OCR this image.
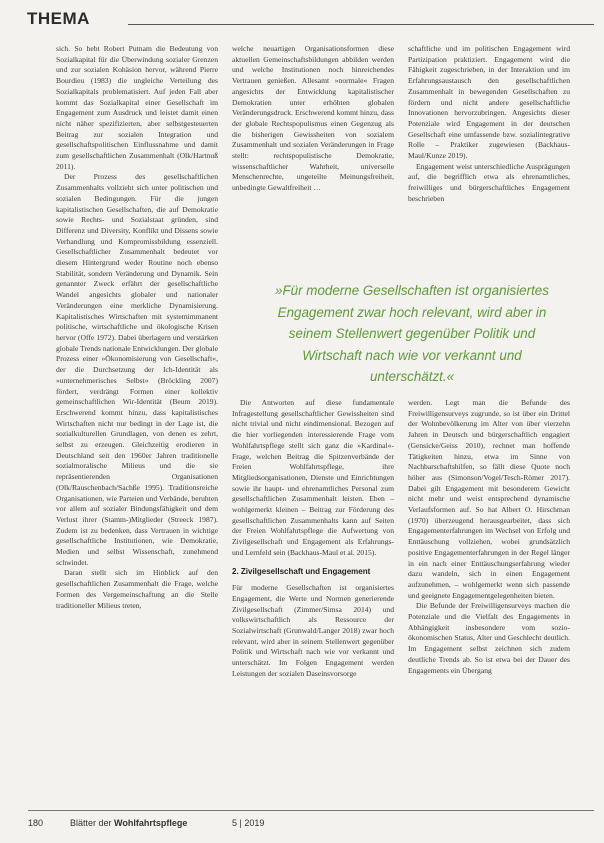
THEMA

sich. So hebt Robert Putnam die Bedeutung von Sozialkapital für die Überwindung sozialer Grenzen und zur sozialen Kohäsion hervor, während Pierre Bourdieu (1983) die ungleiche Verteilung des Sozialkapitals problematisiert. Auf jeden Fall aber kommt das Sozialkapital einer Gesellschaft im Engagement zum Ausdruck und leistet damit einen nicht näher spezifizierten, aber selbstgesteuerten Beitrag zur sozialen Integration und gesellschaftspolitischen Einflussnahme und damit zum gesellschaftlichen Zusammenhalt (Olk/Hartnuß 2011).

Der Prozess des gesellschaftlichen Zusammenhalts vollzieht sich unter politischen und sozialen Bedingungen. Für die jungen kapitalistischen Gesellschaften, die auf Demokratie sowie Rechts- und Sozialstaat gründen, sind Differenz und Diversity, Konflikt und Dissens sowie Verhandlung und Kompromissbildung essenziell. Gesellschaftlicher Zusammenhalt bedeutet vor diesem Hintergrund weder Routine noch ebenso Stabilität, sondern Veränderung und Dynamik. Sein genannter Zweck erfährt der gesellschaftliche Wandel angesichts globaler und nationaler Veränderungen eine merkliche Dynamisierung. Kapitalistisches Wirtschaften mit systemimmanent politische, wirtschaftliche und ökologische Krisen hervor (Offe 1972). Dabei überlagern und verstärken globale Trends nationale Entwicklungen. Der globale Prozess einer »Ökonomisierung von Gesellschaft«, der die Durchsetzung der Ich-Identität als »unternehmerisches Selbst« (Bröckling 2007) fördert, verdrängt Formen einer kollektiv gemeinschaftlichen Wir-Identität (Beum 2019). Erschwerend kommt hinzu, dass kapitalistisches Wirtschaften nicht nur bedingt in der Lage ist, die sozialkulturellen Grundlagen, von denen es zehrt, selbst zu erzeugen. Gleichzeitig erodieren in Deutschland seit den 1960er Jahren traditionelle sozialmoralische Milieus und die sie repräsentierenden Organisationen (Olk/Rauschenbach/Sachße 1995). Traditionsreiche Organisationen, wie Parteien und Verbände, beruhten vor allem auf sozialer Bindungsfähigkeit und dem Verlust ihrer (Stamm-)Mitglieder (Streeck 1987). Zudem ist zu bedenken, dass Vertrauen in wichtige gesellschaftliche Institutionen, wie Demokratie, Medien und selbst Wissenschaft, zunehmend schwindet.

Daran stellt sich im Hinblick auf den gesellschaftlichen Zusammenhalt die Frage, welche Formen des Vergemeinschaftung an die Stelle traditioneller Milieus treten,

welche neuartigen Organisationsformen diese aktuellen Gemeinschaftsbildungen abbilden werden und welche Institutionen noch hinreichendes Vertrauen genießen. Allesamt »normale« Fragen angesichts der Entwicklung kapitalistischer Demokratien unter erhöhten globalen Veränderungsdruck. Erschwerend kommt hinzu, dass der globale Rechtspopulismus einen Gegenzug als die bisherigen Gewissheiten von sozialem Zusammenhalt und sozialen Veränderungen in Frage stellt: rechtspopulistische Demokratie, wissenschaftlicher Wahrheit, universelle Menschenrechte, ungeteilte Meinungsfreiheit, unbedingte Gewaltfreiheit …

schaftliche und im politischen Engagement wird Partizipation praktiziert. Engagement wird die Fähigkeit zugeschrieben, in der Interaktion und im Erfahrungsaustausch den gesellschaftlichen Zusammenhalt in bewegenden Gesellschaften zu fördern und nicht andere gesellschaftliche Innovationen hervorzubringen. Angesichts dieser Potenziale wird Engagement in der deutschen Gesellschaft eine umfassende bzw. sozialintegrative Rolle – Praktiker zugewiesen (Backhaus-Maul/Kunze 2019).

Engagement weist unterschiedliche Ausprägungen auf, die begrifflich etwa als ehrenamtliches, freiwilliges und bürgerschaftliches Engagement beschrieben

»Für moderne Gesellschaften ist organisiertes Engagement zwar hoch relevant, wird aber in seinem Stellenwert gegenüber Politik und Wirtschaft nach wie vor verkannt und unterschätzt.«

Die Antworten auf diese fundamentale Infragestellung gesellschaftlicher Gewissheiten sind nicht trivial und nicht eindimensional. Bezogen auf die hier vorliegenden interessierende Frage vom Wohlfahrtspflege stellt sich ganz die »Kardinal«-Frage, welchen Beitrag die Spitzenverbände der Freien Wohlfahrtspflege, ihre Mitgliedsorganisationen, Dienste und Einrichtungen sowie ihr haupt- und ehrenamtliches Personal zum gesellschaftlichen Zusammenhalt leisten. Eben – wohlgemerkt kleinen – Beitrag zur Förderung des gesellschaftlichen Zusammenhalts kann auf Seiten der Freien Wohlfahrtspflege die Aufwertung von Zivilgesellschaft und Engagement als Erfahrungs- und Lernfeld sein (Backhaus-Maul et al. 2015).

2. Zivilgesellschaft und Engagement

Für moderne Gesellschaften ist organisiertes Engagement, die Werte und Normen generierende Zivilgesellschaft (Zimmer/Simsa 2014) und volkswirtschaftlich als Ressource der Sozialwirtschaft (Grunwald/Langer 2018) zwar hoch relevant, wird aber in seinem Stellenwert gegenüber Politik und Wirtschaft nach wie vor verkannt und unterschätzt. Im Folgen Engagement werden Leistungen der sozialen Daseinsvorsorge

werden. Legt man die Befunde des Freiwilligensurveys zugrunde, so ist über ein Drittel der Wohnbevölkerung im Alter von über vierzehn Jahren in Deutsch und bürgerschaftlich engagiert (Gensicke/Geiss 2010), rechnet man hoffende Tätigkeiten hinzu, etwa im Sinne von Nachbarschaftshilfen, so fällt diese Quote noch höher aus (Simonson/Vogel/Tesch-Römer 2017). Dabei gilt Engagement mit besonderem Gewicht nicht mehr und weist entsprechend dynamische Verlaufsformen auf. So hat Albert O. Hirschman (1970) überzeugend herausgearbeitet, dass sich Engagementerfahrungen im Wechsel von Erfolg und Enttäuschung vollziehen, wobei grundsätzlich positive Engagementerfahrungen in der Regel länger in ein nach einer Enttäuschungserfahrung wieder dazu wandeln, sich in einen Engagement aufzunehmen, – wohlgemerkt wenn sich passende und geeignete Engagementgelegenheiten bieten.

Die Befunde der Freiwilligensurveys machen die Potenziale und die Vielfalt des Engagements in Abhängigkeit insbesondere vom sozio-ökonomischen Status, Alter und Geschlecht deutlich. Im Engagement selbst zeichnen sich zudem deutliche Trends ab. So ist etwa bei der Dauer des Engagements ein Übergang

180	Blätter der Wohlfahrtspflege	5 | 2019
